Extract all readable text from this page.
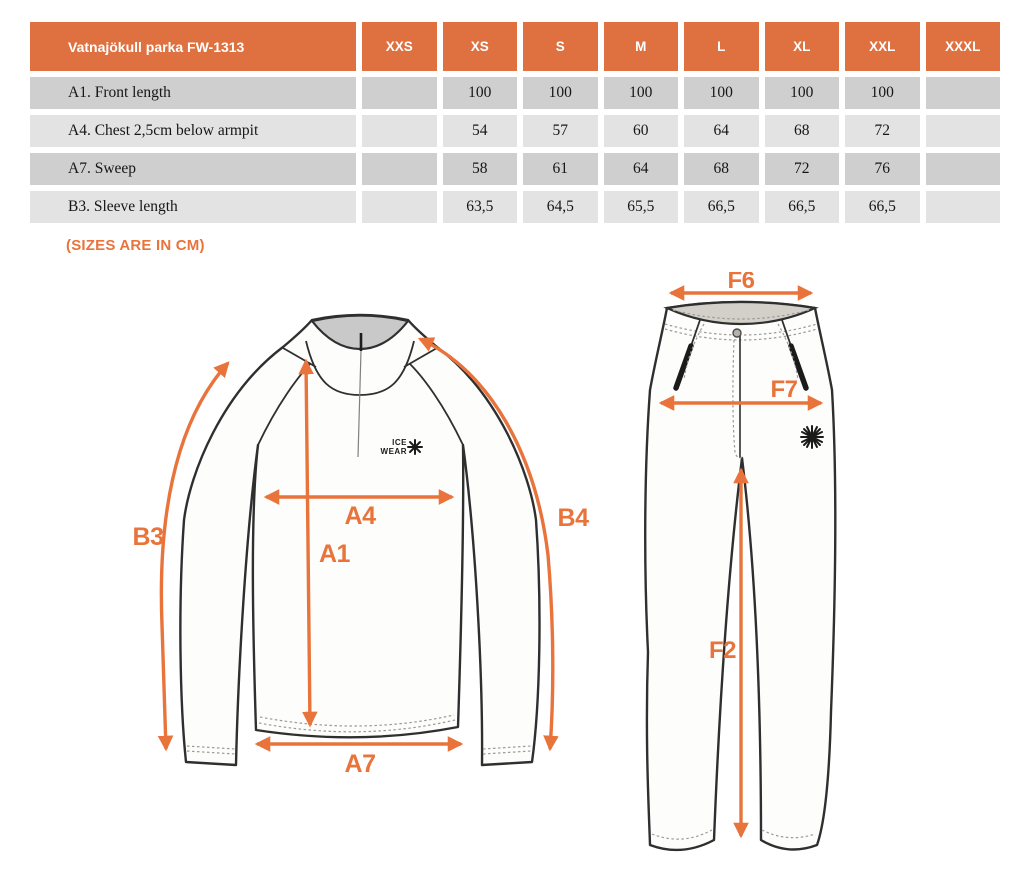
Vatnajökull parka FW-1313	XXS	XS	S	M	L	XL	XXL	XXXL
A1. Front length		100	100	100	100	100	100	
A4. Chest 2,5cm below armpit		54	57	60	64	68	72	
A7. Sweep		58	61	64	68	72	76	
B3. Sleeve length		63,5	64,5	65,5	66,5	66,5	66,5	
(SIZES ARE IN CM)
ICE
WEAR
B3
A4
A1
A7
B4
F6
F7
F2
